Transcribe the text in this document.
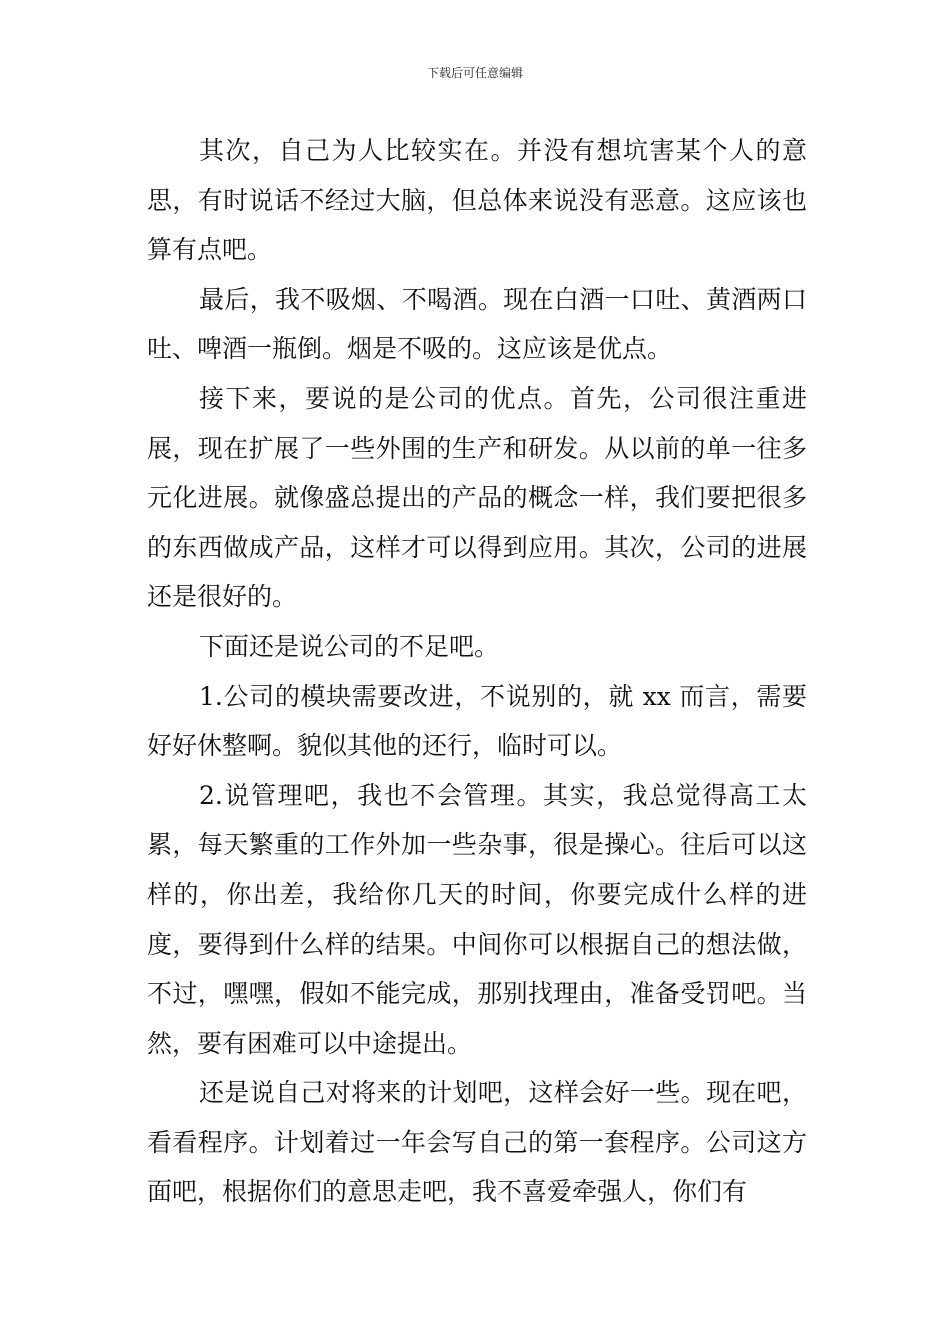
下载后可任意编辑

其次，自己为人比较实在。并没有想坑害某个人的意思，有时说话不经过大脑，但总体来说没有恶意。这应该也算有点吧。

最后，我不吸烟、不喝酒。现在白酒一口吐、黄酒两口吐、啤酒一瓶倒。烟是不吸的。这应该是优点。

接下来，要说的是公司的优点。首先，公司很注重进展，现在扩展了一些外围的生产和研发。从以前的单一往多元化进展。就像盛总提出的产品的概念一样，我们要把很多的东西做成产品，这样才可以得到应用。其次，公司的进展还是很好的。

下面还是说公司的不足吧。

1.公司的模块需要改进，不说别的，就 xx 而言，需要好好休整啊。貌似其他的还行，临时可以。

2.说管理吧，我也不会管理。其实，我总觉得高工太累，每天繁重的工作外加一些杂事，很是操心。往后可以这样的，你出差，我给你几天的时间，你要完成什么样的进度，要得到什么样的结果。中间你可以根据自己的想法做，不过，嘿嘿，假如不能完成，那别找理由，准备受罚吧。当然，要有困难可以中途提出。

还是说自己对将来的计划吧，这样会好一些。现在吧，看看程序。计划着过一年会写自己的第一套程序。公司这方面吧，根据你们的意思走吧，我不喜爱牵强人，你们有
